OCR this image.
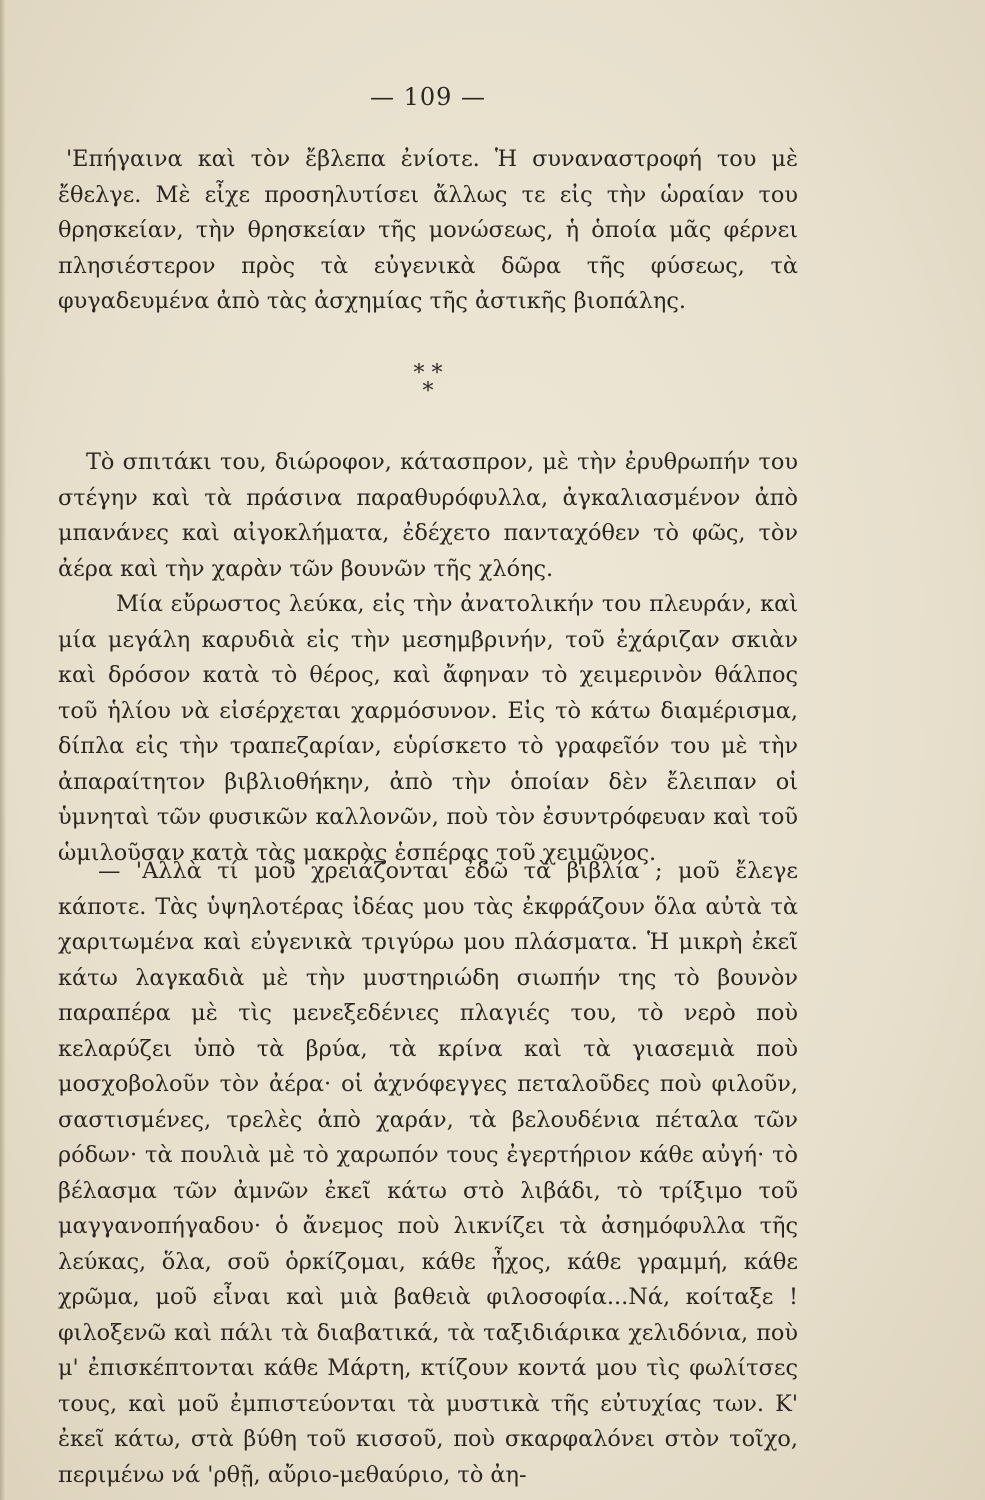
— 109 —

'Επήγαινα καὶ τὸν ἔβλεπα ἐνίοτε. Ἡ συναναστροφή του μὲ ἔθελγε. Μὲ εἶχε προσηλυτίσει ἄλλως τε εἰς τὴν ὡραίαν του θρησκείαν, τὴν θρησκείαν τῆς μονώσεως, ἡ ὁποία μᾶς φέρνει πλησιέστερον πρὸς τὰ εὐγενικὰ δῶρα τῆς φύσεως, τὰ φυγαδευμένα ἀπὸ τὰς ἀσχημίας τῆς ἀστικῆς βιοπάλης.

* *
*

Τὸ σπιτάκι του, διώροφον, κάτασπρον, μὲ τὴν ἐρυθρωπήν του στέγην καὶ τὰ πράσινα παραθυρόφυλλα, ἀγκαλιασμένον ἀπὸ μπανάνες καὶ αἰγοκλήματα, ἐδέχετο πανταχόθεν τὸ φῶς, τὸν ἀέρα καὶ τὴν χαρὰν τῶν βουνῶν τῆς χλόης.

Μία εὔρωστος λεύκα, εἰς τὴν ἀνατολικήν του πλευράν, καὶ μία μεγάλη καρυδιὰ εἰς τὴν μεσημβρινήν, τοῦ ἐχάριζαν σκιὰν καὶ δρόσον κατὰ τὸ θέρος, καὶ ἄφηναν τὸ χειμερινὸν θάλπος τοῦ ἡλίου νὰ εἰσέρχεται χαρμόσυνον. Εἰς τὸ κάτω διαμέρισμα, δίπλα εἰς τὴν τραπεζαρίαν, εὑρίσκετο τὸ γραφεῖόν του μὲ τὴν ἀπαραίτητον βιβλιοθήκην, ἀπὸ τὴν ὁποίαν δὲν ἔλειπαν οἱ ὑμνηταὶ τῶν φυσικῶν καλλονῶν, ποὺ τὸν ἐσυντρόφευαν καὶ τοῦ ὡμιλοῦσαν κατὰ τὰς μακρὰς ἑσπέρας τοῦ χειμῶνος.

— 'Αλλὰ τί μοῦ χρειάζονται ἐδῶ τὰ βιβλία ; μοῦ ἔλεγε κάποτε. Τὰς ὑψηλοτέρας ἰδέας μου τὰς ἐκφράζουν ὅλα αὐτὰ τὰ χαριτωμένα καὶ εὐγενικὰ τριγύρω μου πλάσματα. Ἡ μικρὴ ἐκεῖ κάτω λαγκαδιὰ μὲ τὴν μυστηριώδη σιωπήν της τὸ βουνὸν παραπέρα μὲ τὶς μενεξεδένιες πλαγιές του, τὸ νερὸ ποὺ κελαρύζει ὑπὸ τὰ βρύα, τὰ κρίνα καὶ τὰ γιασεμιὰ ποὺ μοσχοβολοῦν τὸν ἀέρα· οἱ ἀχνόφεγγες πεταλοῦδες ποὺ φιλοῦν, σαστισμένες, τρελὲς ἀπὸ χαράν, τὰ βελουδένια πέταλα τῶν ρόδων· τὰ πουλιὰ μὲ τὸ χαρωπόν τους ἐγερτήριον κάθε αὐγή· τὸ βέλασμα τῶν ἀμνῶν ἐκεῖ κάτω στὸ λιβάδι, τὸ τρίξιμο τοῦ μαγγανοπήγαδου· ὁ ἄνεμος ποὺ λικνίζει τὰ ἀσημόφυλλα τῆς λεύκας, ὅλα, σοῦ ὁρκίζομαι, κάθε ἦχος, κάθε γραμμή, κάθε χρῶμα, μοῦ εἶναι καὶ μιὰ βαθειὰ φιλοσοφία...Νά, κοίταξε ! φιλοξενῶ καὶ πάλι τὰ διαβατικά, τὰ ταξιδιάρικα χελιδόνια, ποὺ μ' ἐπισκέπτονται κάθε Μάρτη, κτίζουν κοντά μου τὶς φωλίτσες τους, καὶ μοῦ ἐμπιστεύονται τὰ μυστικὰ τῆς εὐτυχίας των. Κ' ἐκεῖ κάτω, στὰ βύθη τοῦ κισσοῦ, ποὺ σκαρφαλόνει στὸν τοῖχο, περιμένω νά 'ρθῇ, αὔριο-μεθαύριο, τὸ ἀη-
